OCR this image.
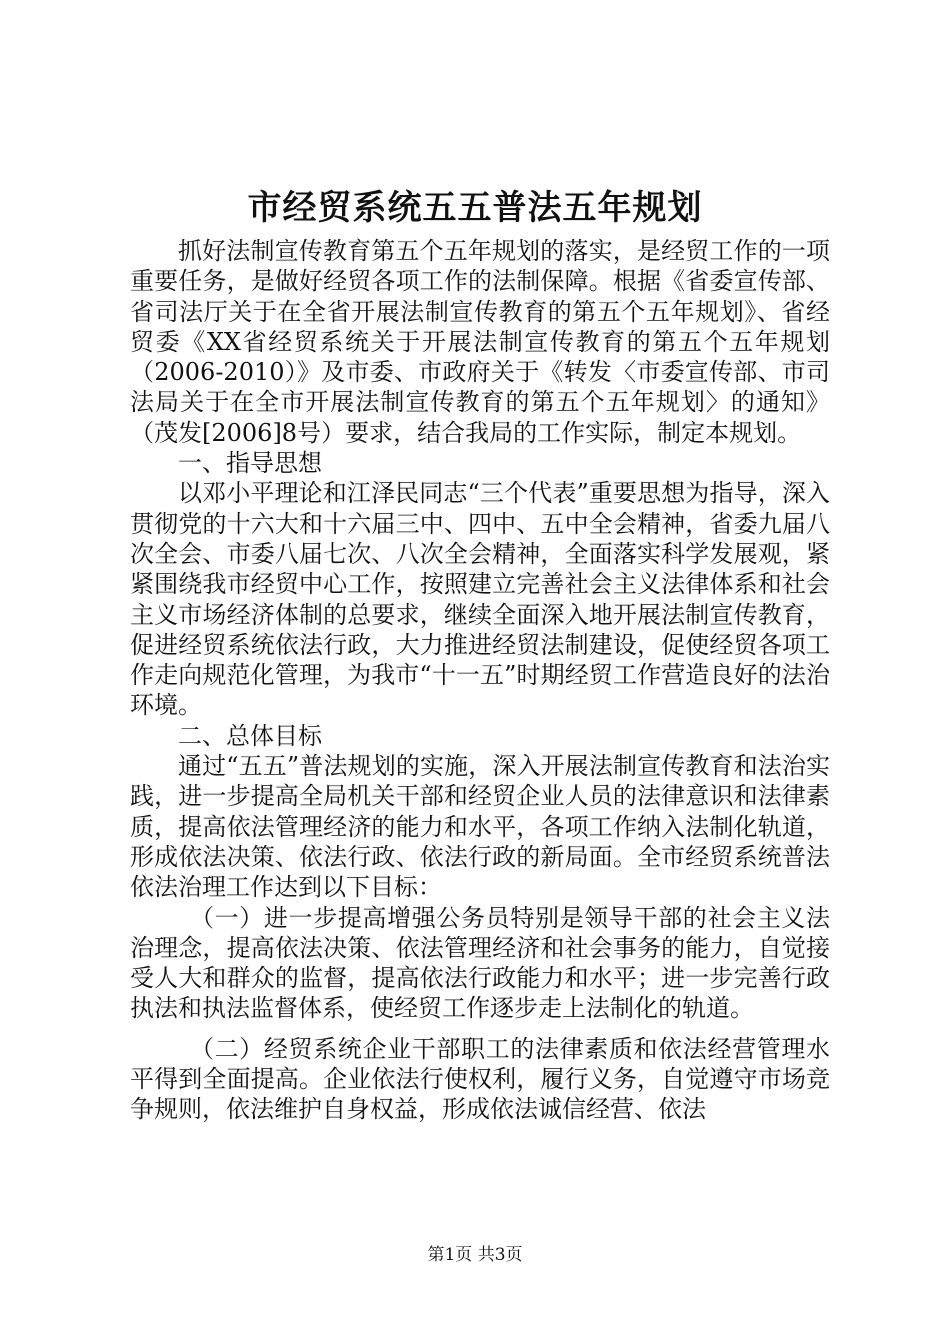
市经贸系统五五普法五年规划

抓好法制宣传教育第五个五年规划的落实，是经贸工作的一项重要任务，是做好经贸各项工作的法制保障。根据《省委宣传部、省司法厅关于在全省开展法制宣传教育的第五个五年规划》、省经贸委《XX省经贸系统关于开展法制宣传教育的第五个五年规划（2006-2010）》及市委、市政府关于《转发〈市委宣传部、市司法局关于在全市开展法制宣传教育的第五个五年规划〉的通知》（茂发[2006]8号）要求，结合我局的工作实际，制定本规划。

一、指导思想

以邓小平理论和江泽民同志“三个代表”重要思想为指导，深入贯彻党的十六大和十六届三中、四中、五中全会精神，省委九届八次全会、市委八届七次、八次全会精神，全面落实科学发展观，紧紧围绕我市经贸中心工作，按照建立完善社会主义法律体系和社会主义市场经济体制的总要求，继续全面深入地开展法制宣传教育，促进经贸系统依法行政，大力推进经贸法制建设，促使经贸各项工作走向规范化管理，为我市“十一五”时期经贸工作营造良好的法治环境。

二、总体目标

通过“五五”普法规划的实施，深入开展法制宣传教育和法治实践，进一步提高全局机关干部和经贸企业人员的法律意识和法律素质，提高依法管理经济的能力和水平，各项工作纳入法制化轨道，形成依法决策、依法行政、依法行政的新局面。全市经贸系统普法依法治理工作达到以下目标：

（一）进一步提高增强公务员特别是领导干部的社会主义法治理念，提高依法决策、依法管理经济和社会事务的能力，自觉接受人大和群众的监督，提高依法行政能力和水平；进一步完善行政执法和执法监督体系，使经贸工作逐步走上法制化的轨道。

（二）经贸系统企业干部职工的法律素质和依法经营管理水平得到全面提高。企业依法行使权利，履行义务，自觉遵守市场竞争规则，依法维护自身权益，形成依法诚信经营、依法

第1页 共3页
